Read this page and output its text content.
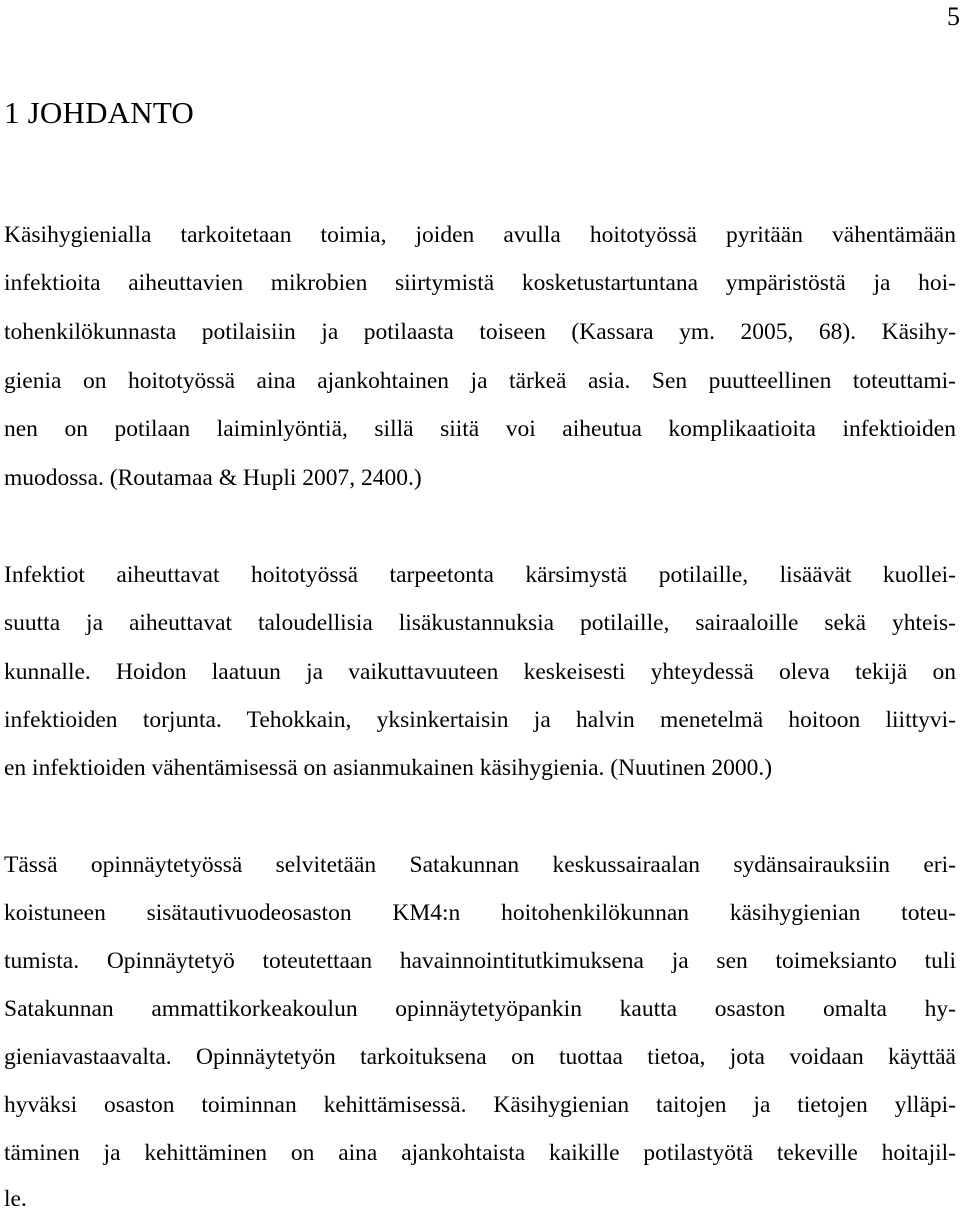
5
1 JOHDANTO
Käsihygienialla tarkoitetaan toimia, joiden avulla hoitotyössä pyritään vähentämään
infektioita aiheuttavien mikrobien siirtymistä kosketustartuntana ympäristöstä ja hoi-
tohenkilökunnasta potilaisiin ja potilaasta toiseen (Kassara ym. 2005, 68). Käsihy-
gienia on hoitotyössä aina ajankohtainen ja tärkeä asia. Sen puutteellinen toteuttami-
nen on potilaan laiminlyöntiä, sillä siitä voi aiheutua komplikaatioita infektioiden
muodossa. (Routamaa & Hupli 2007, 2400.)
Infektiot aiheuttavat hoitotyössä tarpeetonta kärsimystä potilaille, lisäävät kuollei-
suutta ja aiheuttavat taloudellisia lisäkustannuksia potilaille, sairaaloille sekä yhteis-
kunnalle. Hoidon laatuun ja vaikuttavuuteen keskeisesti yhteydessä oleva tekijä on
infektioiden torjunta. Tehokkain, yksinkertaisin ja halvin menetelmä hoitoon liittyvi-
en infektioiden vähentämisessä on asianmukainen käsihygienia. (Nuutinen 2000.)
Tässä opinnäytetyössä selvitetään Satakunnan keskussairaalan sydänsairauksiin eri-
koistuneen sisätautivuodeosaston KM4:n hoitohenkilökunnan käsihygienian toteu-
tumista. Opinnäytetyö toteutettaan havainnointitutkimuksena ja sen toimeksianto tuli
Satakunnan ammattikorkeakoulun opinnäytetyöpankin kautta osaston omalta hy-
gieniavastaavalta. Opinnäytetyön tarkoituksena on tuottaa tietoa, jota voidaan käyttää
hyväksi osaston toiminnan kehittämisessä. Käsihygienian taitojen ja tietojen ylläpi-
täminen ja kehittäminen on aina ajankohtaista kaikille potilastyötä tekeville hoitajil-
le.
